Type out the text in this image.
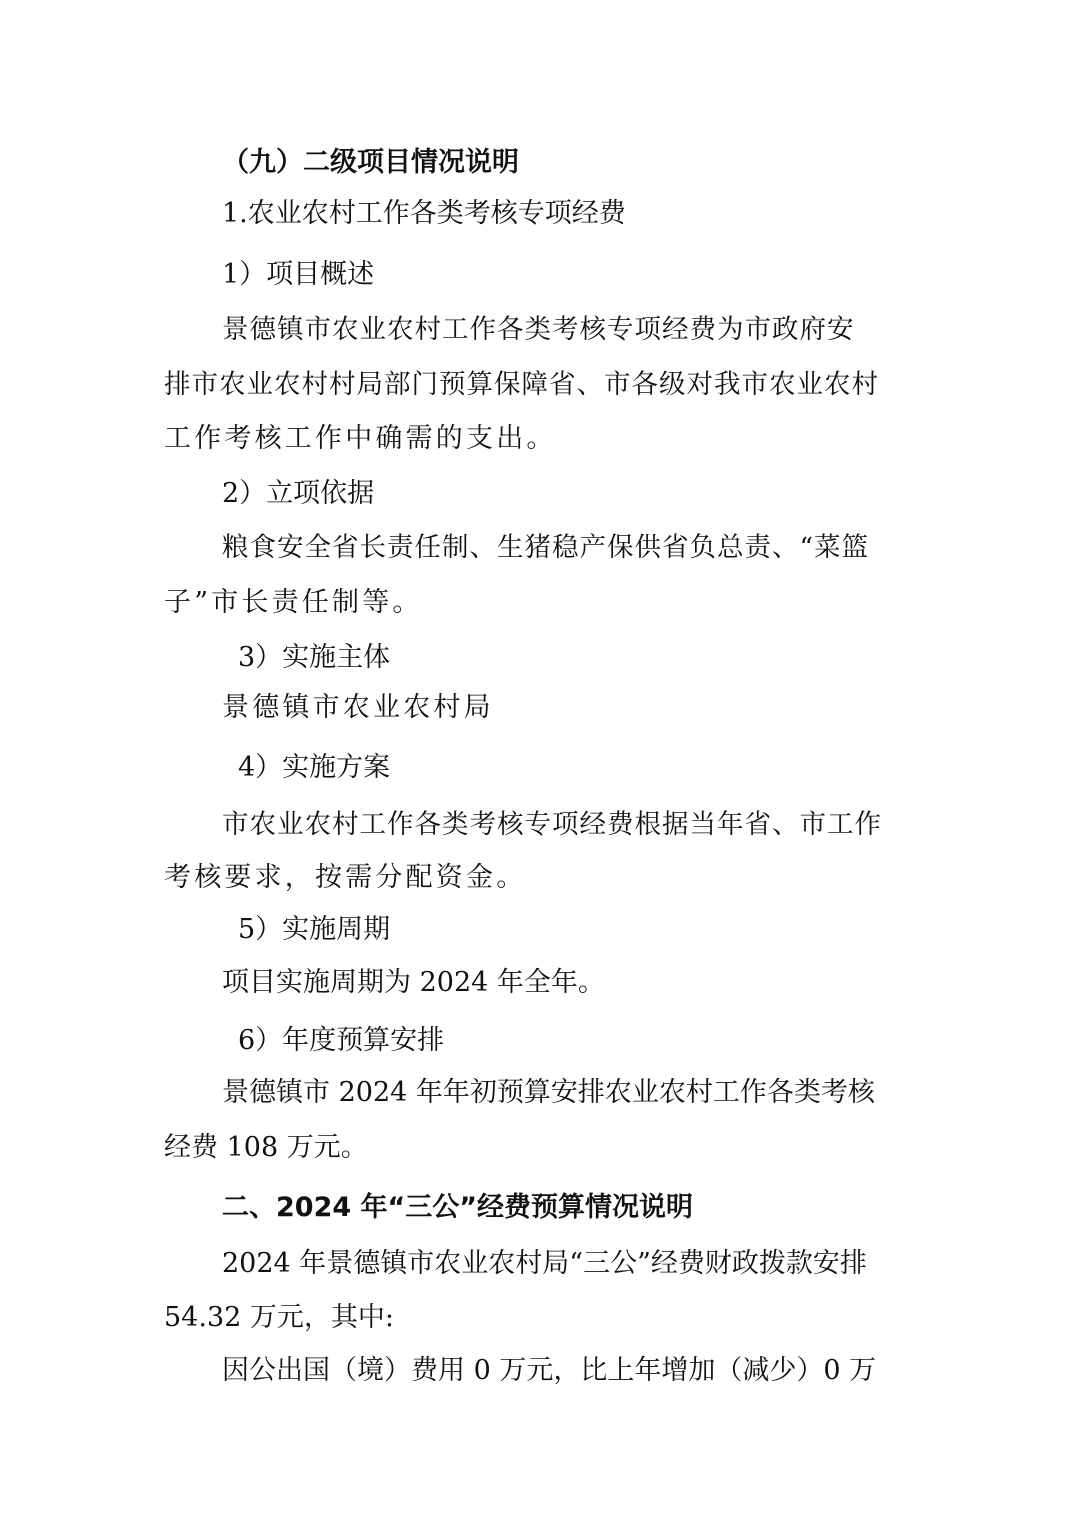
（九）二级项目情况说明

1.农业农村工作各类考核专项经费

1）项目概述

景德镇市农业农村工作各类考核专项经费为市政府安

排市农业农村村局部门预算保障省、市各级对我市农业农村

工作考核工作中确需的支出。

2）立项依据

粮食安全省长责任制、生猪稳产保供省负总责、“菜篮

子”市长责任制等。

3）实施主体

景德镇市农业农村局

4）实施方案

市农业农村工作各类考核专项经费根据当年省、市工作

考核要求，按需分配资金。

5）实施周期

项目实施周期为 2024 年全年。

6）年度预算安排

景德镇市 2024 年年初预算安排农业农村工作各类考核

经费 108 万元。

二、2024 年“三公”经费预算情况说明

2024 年景德镇市农业农村局“三公”经费财政拨款安排

54.32 万元，其中:

因公出国（境）费用 0 万元，比上年增加（减少）0 万
